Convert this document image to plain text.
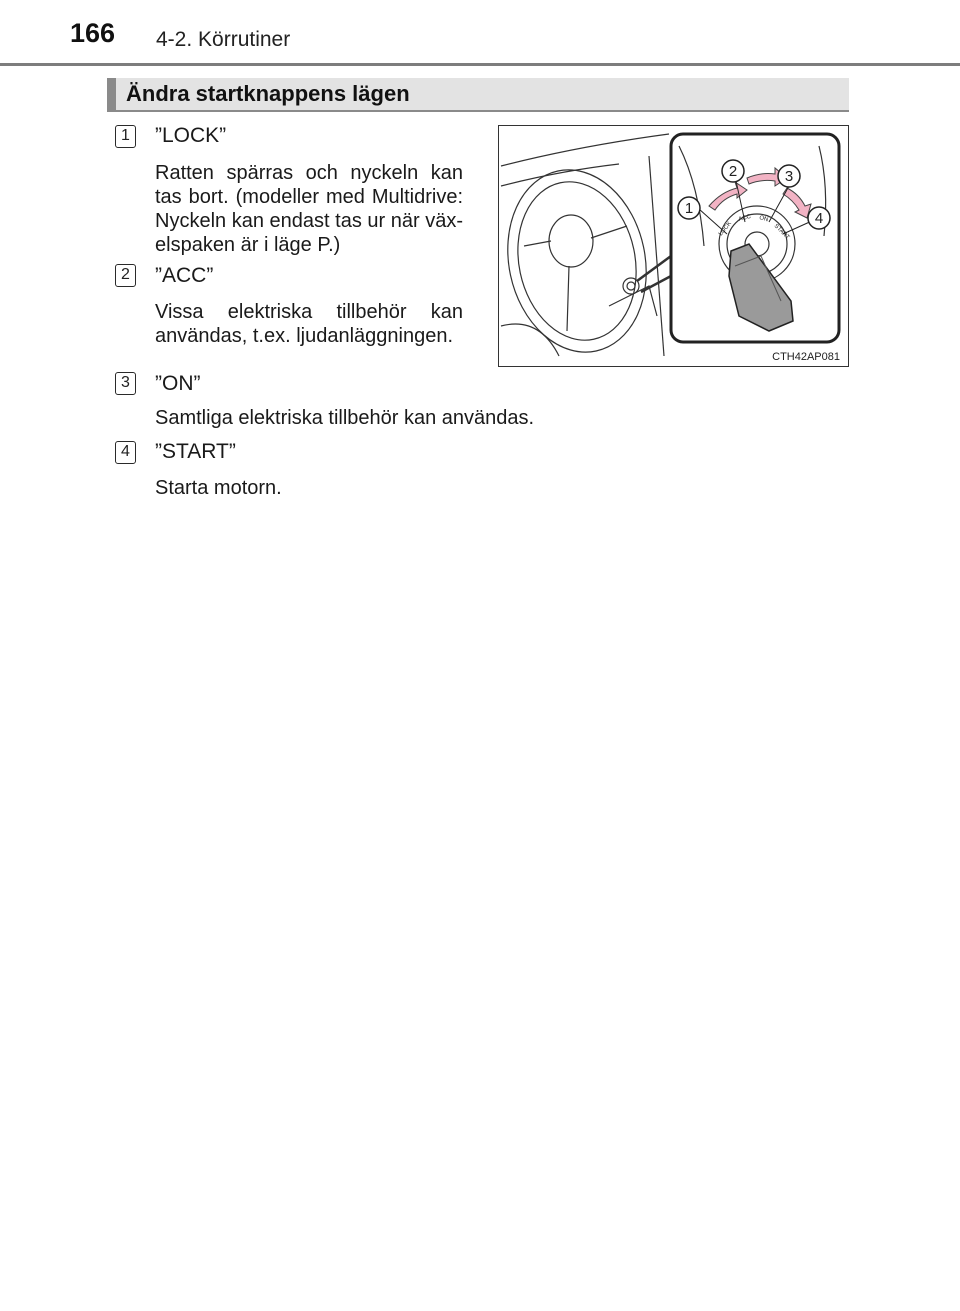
166 4-2. Körrutiner
Ändra startknappens lägen
1 ”LOCK”
Ratten spärras och nyckeln kan tas bort. (modeller med Multidrive: Nyckeln kan endast tas ur när väx-elspaken är i läge P.)
2 ”ACC”
Vissa elektriska tillbehör kan användas, t.ex. ljudanläggningen.
3 ”ON”
Samtliga elektriska tillbehör kan användas.
4 ”START”
Starta motorn.
LOCK
ACC ON
START
1
2	3
4
CTH42AP081
